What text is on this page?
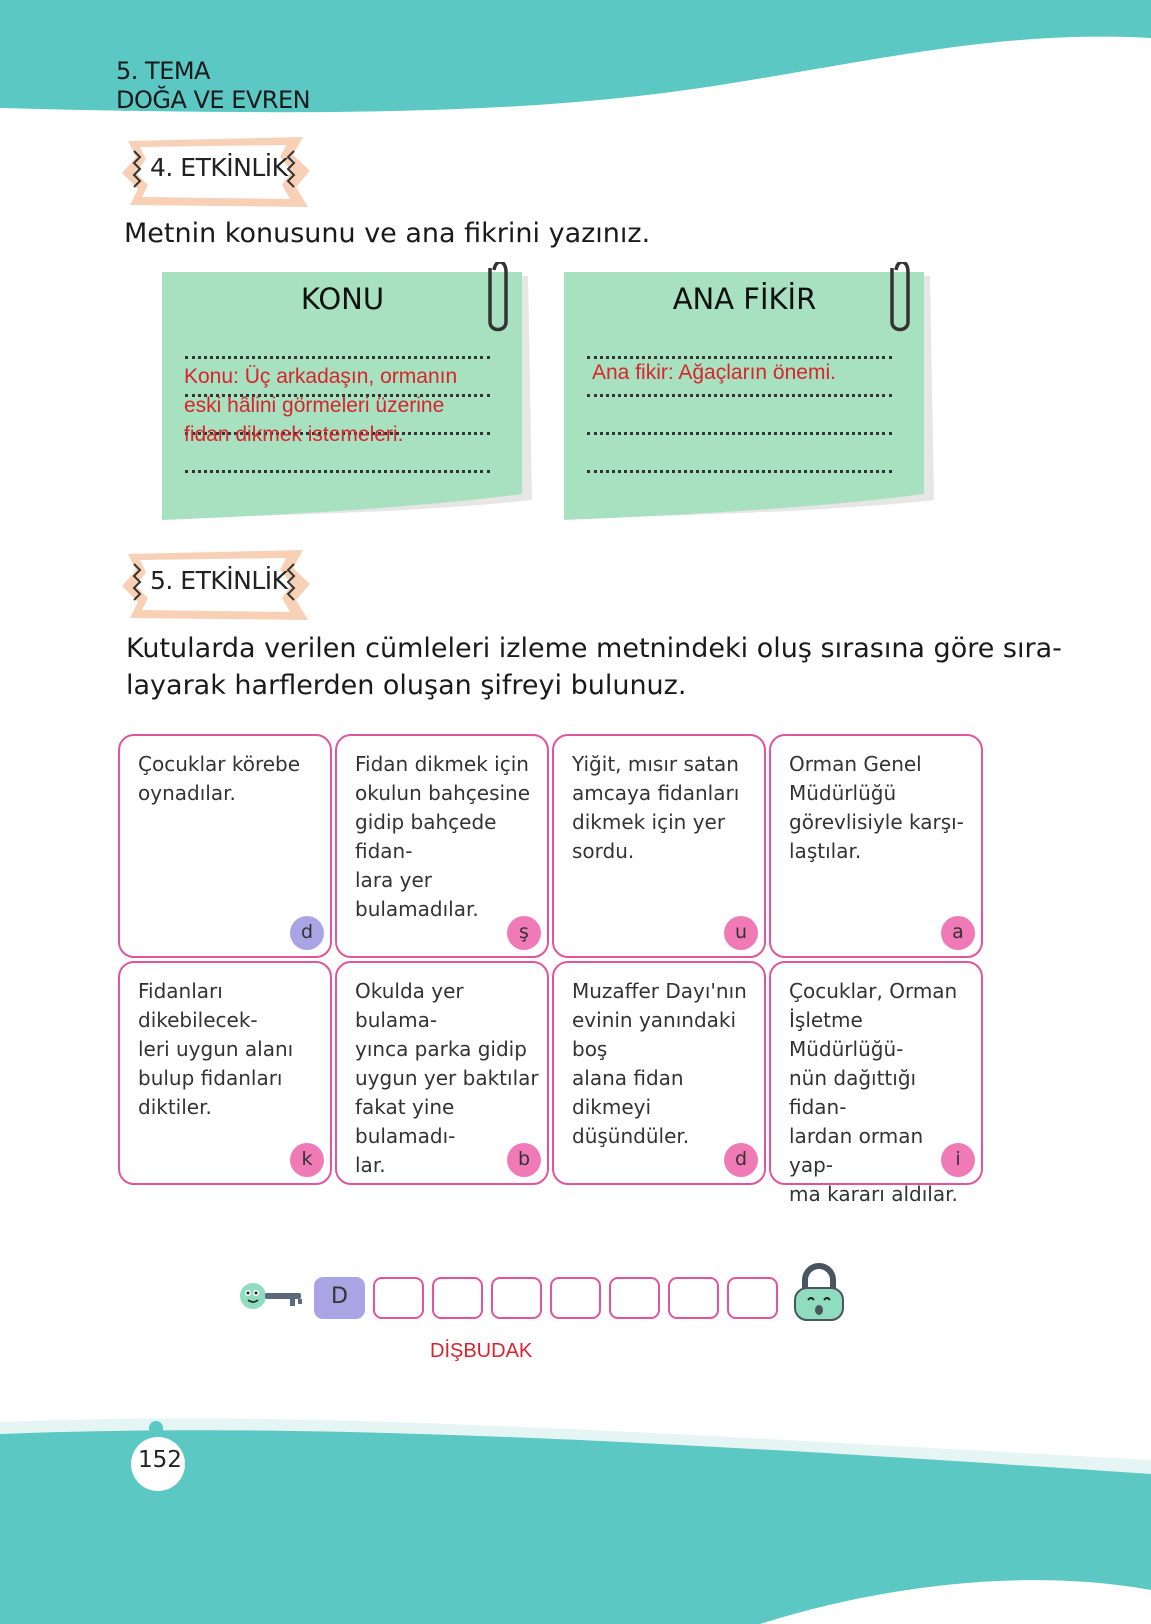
5. TEMA
DOĞA VE EVREN
4. ETKİNLİK
Metnin konusunu ve ana fikrini yazınız.
KONU
Konu: Üç arkadaşın, ormanın
eski hâlini görmeleri üzerine
fidan dikmek istemeleri.
ANA FİKİR
Ana fikir: Ağaçların önemi.
5. ETKİNLİK
Kutularda verilen cümleleri izleme metnindeki oluş sırasına göre sıra-
layarak harflerden oluşan şifreyi bulunuz.
Çocuklar körebe
oynadılar.
d
Fidan dikmek için
okulun bahçesine
gidip bahçede fidan-
lara yer bulamadılar.
ş
Yiğit, mısır satan
amcaya fidanları
dikmek için yer
sordu.
u
Orman Genel
Müdürlüğü
görevlisiyle karşı-
laştılar.
a
Fidanları dikebilecek-
leri uygun alanı
bulup fidanları
diktiler.
k
Okulda yer bulama-
yınca parka gidip
uygun yer baktılar
fakat yine bulamadı-
lar.	b
Muzaffer Dayı'nın
evinin yanındaki boş
alana fidan dikmeyi
düşündüler.
d
Çocuklar, Orman
İşletme Müdürlüğü-
nün dağıttığı fidan-
lardan orman yap-
ma kararı aldılar.
i
D
DİŞBUDAK
152
